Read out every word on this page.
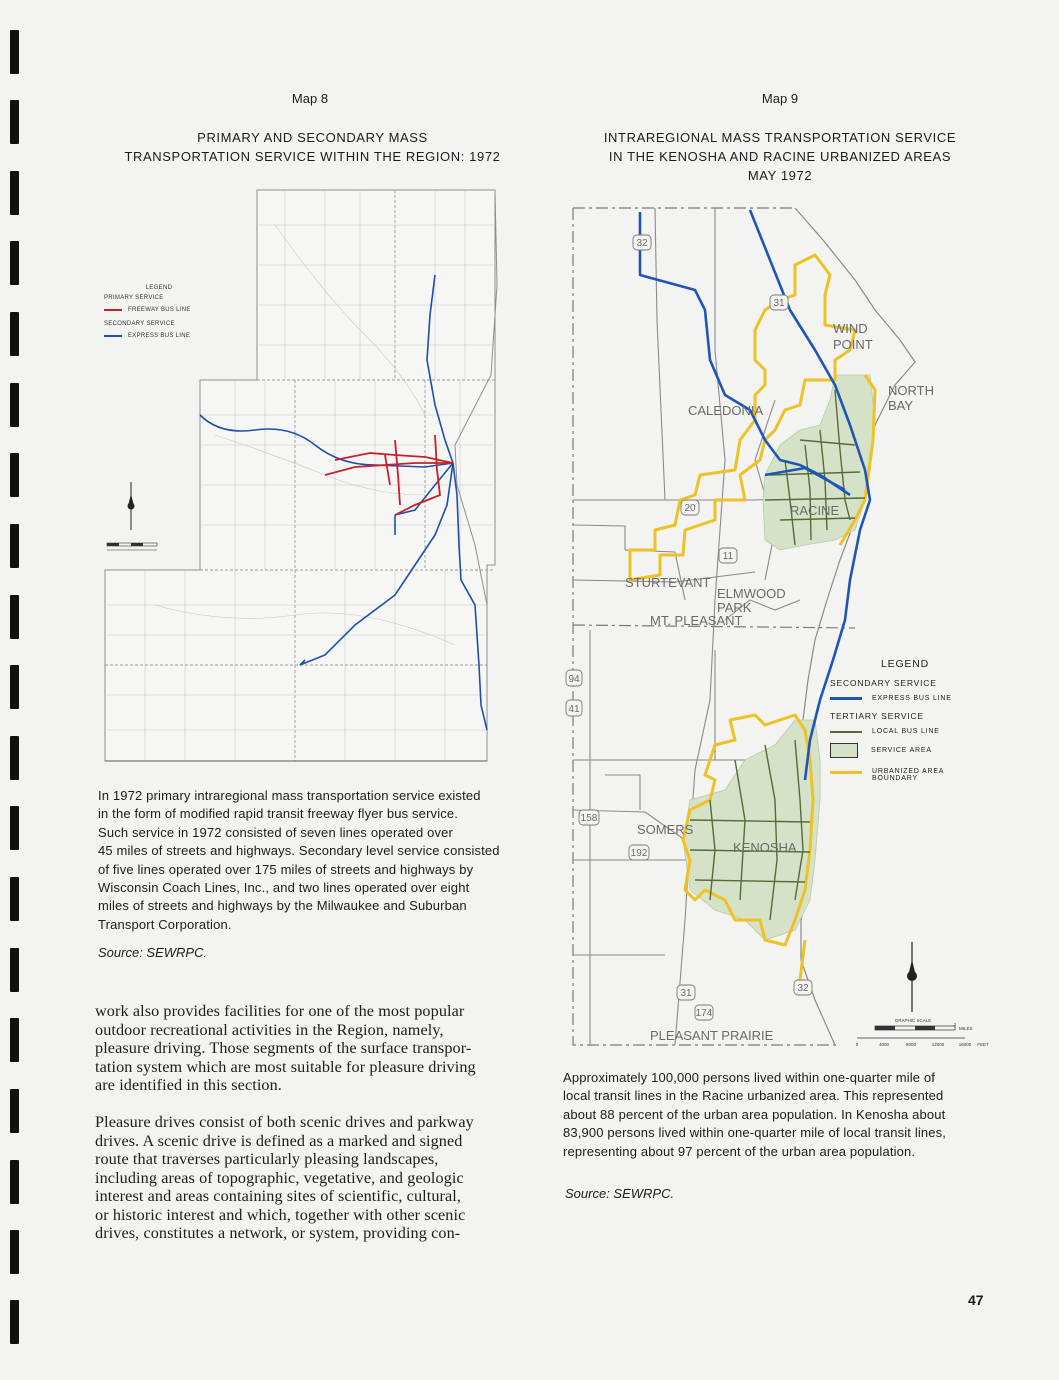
Map 8
PRIMARY AND SECONDARY MASS
TRANSPORTATION SERVICE WITHIN THE REGION: 1972
LEGEND
PRIMARY SERVICE
FREEWAY BUS LINE
SECONDARY SERVICE
EXPRESS BUS LINE
In 1972 primary intraregional mass transportation service existed
in the form of modified rapid transit freeway flyer bus service.
Such service in 1972 consisted of seven lines operated over
45 miles of streets and highways. Secondary level service consisted
of five lines operated over 175 miles of streets and highways by
Wisconsin Coach Lines, Inc., and two lines operated over eight
miles of streets and highways by the Milwaukee and Suburban
Transport Corporation.
Source: SEWRPC.
work also provides facilities for one of the most popular
outdoor recreational activities in the Region, namely,
pleasure driving. Those segments of the surface transpor-
tation system which are most suitable for pleasure driving
are identified in this section.
Pleasure drives consist of both scenic drives and parkway
drives. A scenic drive is defined as a marked and signed
route that traverses particularly pleasing landscapes,
including areas of topographic, vegetative, and geologic
interest and areas containing sites of scientific, cultural,
or historic interest and which, together with other scenic
drives, constitutes a network, or system, providing con-
Map 9
INTRAREGIONAL MASS TRANSPORTATION SERVICE
IN THE KENOSHA AND RACINE URBANIZED AREAS
MAY 1972
WIND
POINT
NORTH
BAY
CALEDONIA
RACINE
STURTEVANT
ELMWOOD
PARK
MT. PLEASANT
SOMERS
KENOSHA
PLEASANT PRAIRIE
32
31
20
11
94
41
158
192
31
174
32
LEGEND
SECONDARY SERVICE
EXPRESS BUS LINE
TERTIARY SERVICE
LOCAL BUS LINE
SERVICE AREA
URBANIZED AREA
BOUNDARY
GRAPHIC SCALE
2
MILES
0	4000	8000	12000	16000 FEET
Approximately 100,000 persons lived within one-quarter mile of
local transit lines in the Racine urbanized area. This represented
about 88 percent of the urban area population. In Kenosha about
83,900 persons lived within one-quarter mile of local transit lines,
representing about 97 percent of the urban area population.
Source: SEWRPC.
47
